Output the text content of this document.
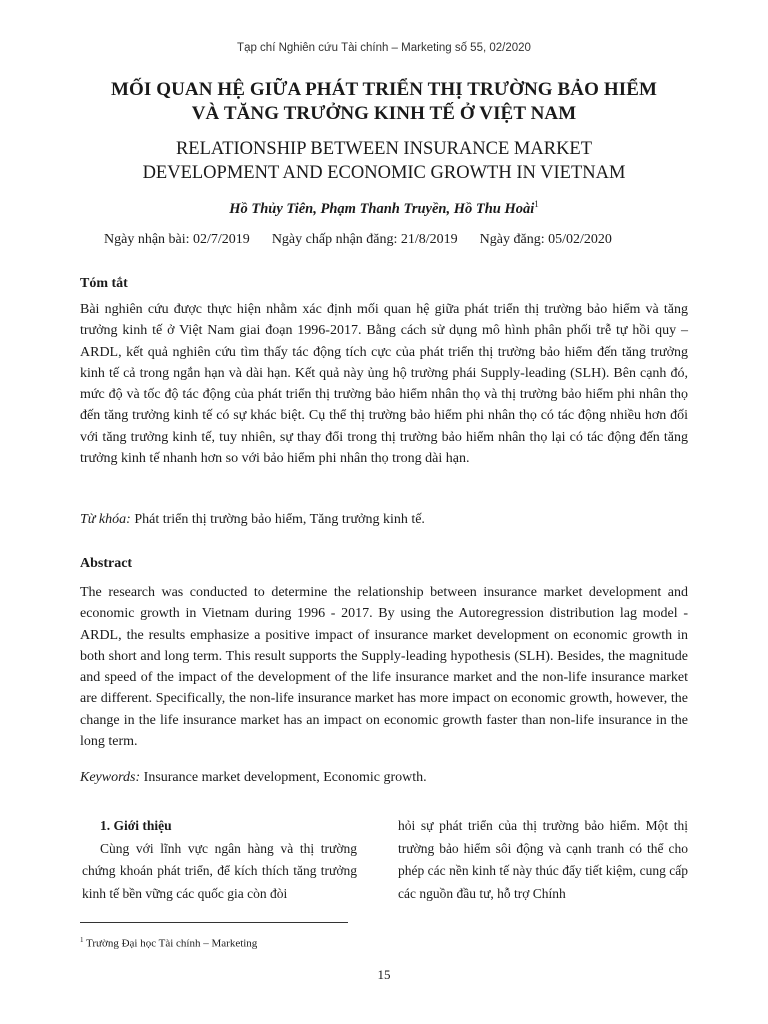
Tạp chí Nghiên cứu Tài chính – Marketing số 55, 02/2020
MỐI QUAN HỆ GIỮA PHÁT TRIỂN THỊ TRƯỜNG BẢO HIỂM
VÀ TĂNG TRƯỞNG KINH TẾ Ở VIỆT NAM
RELATIONSHIP BETWEEN INSURANCE MARKET
DEVELOPMENT AND ECONOMIC GROWTH IN VIETNAM
Hồ Thủy Tiên, Phạm Thanh Truyền, Hồ Thu Hoài$^1$
Ngày nhận bài: 02/7/2019 Ngày chấp nhận đăng: 21/8/2019 Ngày đăng: 05/02/2020
Tóm tắt

Bài nghiên cứu được thực hiện nhằm xác định mối quan hệ giữa phát triển thị trường bảo hiểm và tăng trưởng kinh tế ở Việt Nam giai đoạn 1996-2017. Bằng cách sử dụng mô hình phân phối trễ tự hồi quy – ARDL, kết quả nghiên cứu tìm thấy tác động tích cực của phát triển thị trường bảo hiểm đến tăng trưởng kinh tế cả trong ngắn hạn và dài hạn. Kết quả này ủng hộ trường phái Supply-leading (SLH). Bên cạnh đó, mức độ và tốc độ tác động của phát triển thị trường bảo hiểm nhân thọ và thị trường bảo hiểm phi nhân thọ đến tăng trưởng kinh tế có sự khác biệt. Cụ thể thị trường bảo hiểm phi nhân thọ có tác động nhiều hơn đối với tăng trưởng kinh tế, tuy nhiên, sự thay đổi trong thị trường bảo hiểm nhân thọ lại có tác động đến tăng trưởng kinh tế nhanh hơn so với bảo hiểm phi nhân thọ trong dài hạn.

Từ khóa: Phát triển thị trường bảo hiểm, Tăng trưởng kinh tế.
Abstract

The research was conducted to determine the relationship between insurance market development and economic growth in Vietnam during 1996 - 2017. By using the Autoregression distribution lag model - ARDL, the results emphasize a positive impact of insurance market development on economic growth in both short and long term. This result supports the Supply-leading hypothesis (SLH). Besides, the magnitude and speed of the impact of the development of the life insurance market and the non-life insurance market are different. Specifically, the non-life insurance market has more impact on economic growth, however, the change in the life insurance market has an impact on economic growth faster than non-life insurance in the long term.

Keywords: Insurance market development, Economic growth.
1. Giới thiệu

Cùng với lĩnh vực ngân hàng và thị trường chứng khoán phát triển, để kích thích tăng trưởng kinh tế bền vững các quốc gia còn đòi

hỏi sự phát triển của thị trường bảo hiểm. Một thị trường bảo hiểm sôi động và cạnh tranh có thể cho phép các nền kinh tế này thúc đẩy tiết kiệm, cung cấp các nguồn đầu tư, hỗ trợ Chính

$^1$ Trường Đại học Tài chính – Marketing
15
